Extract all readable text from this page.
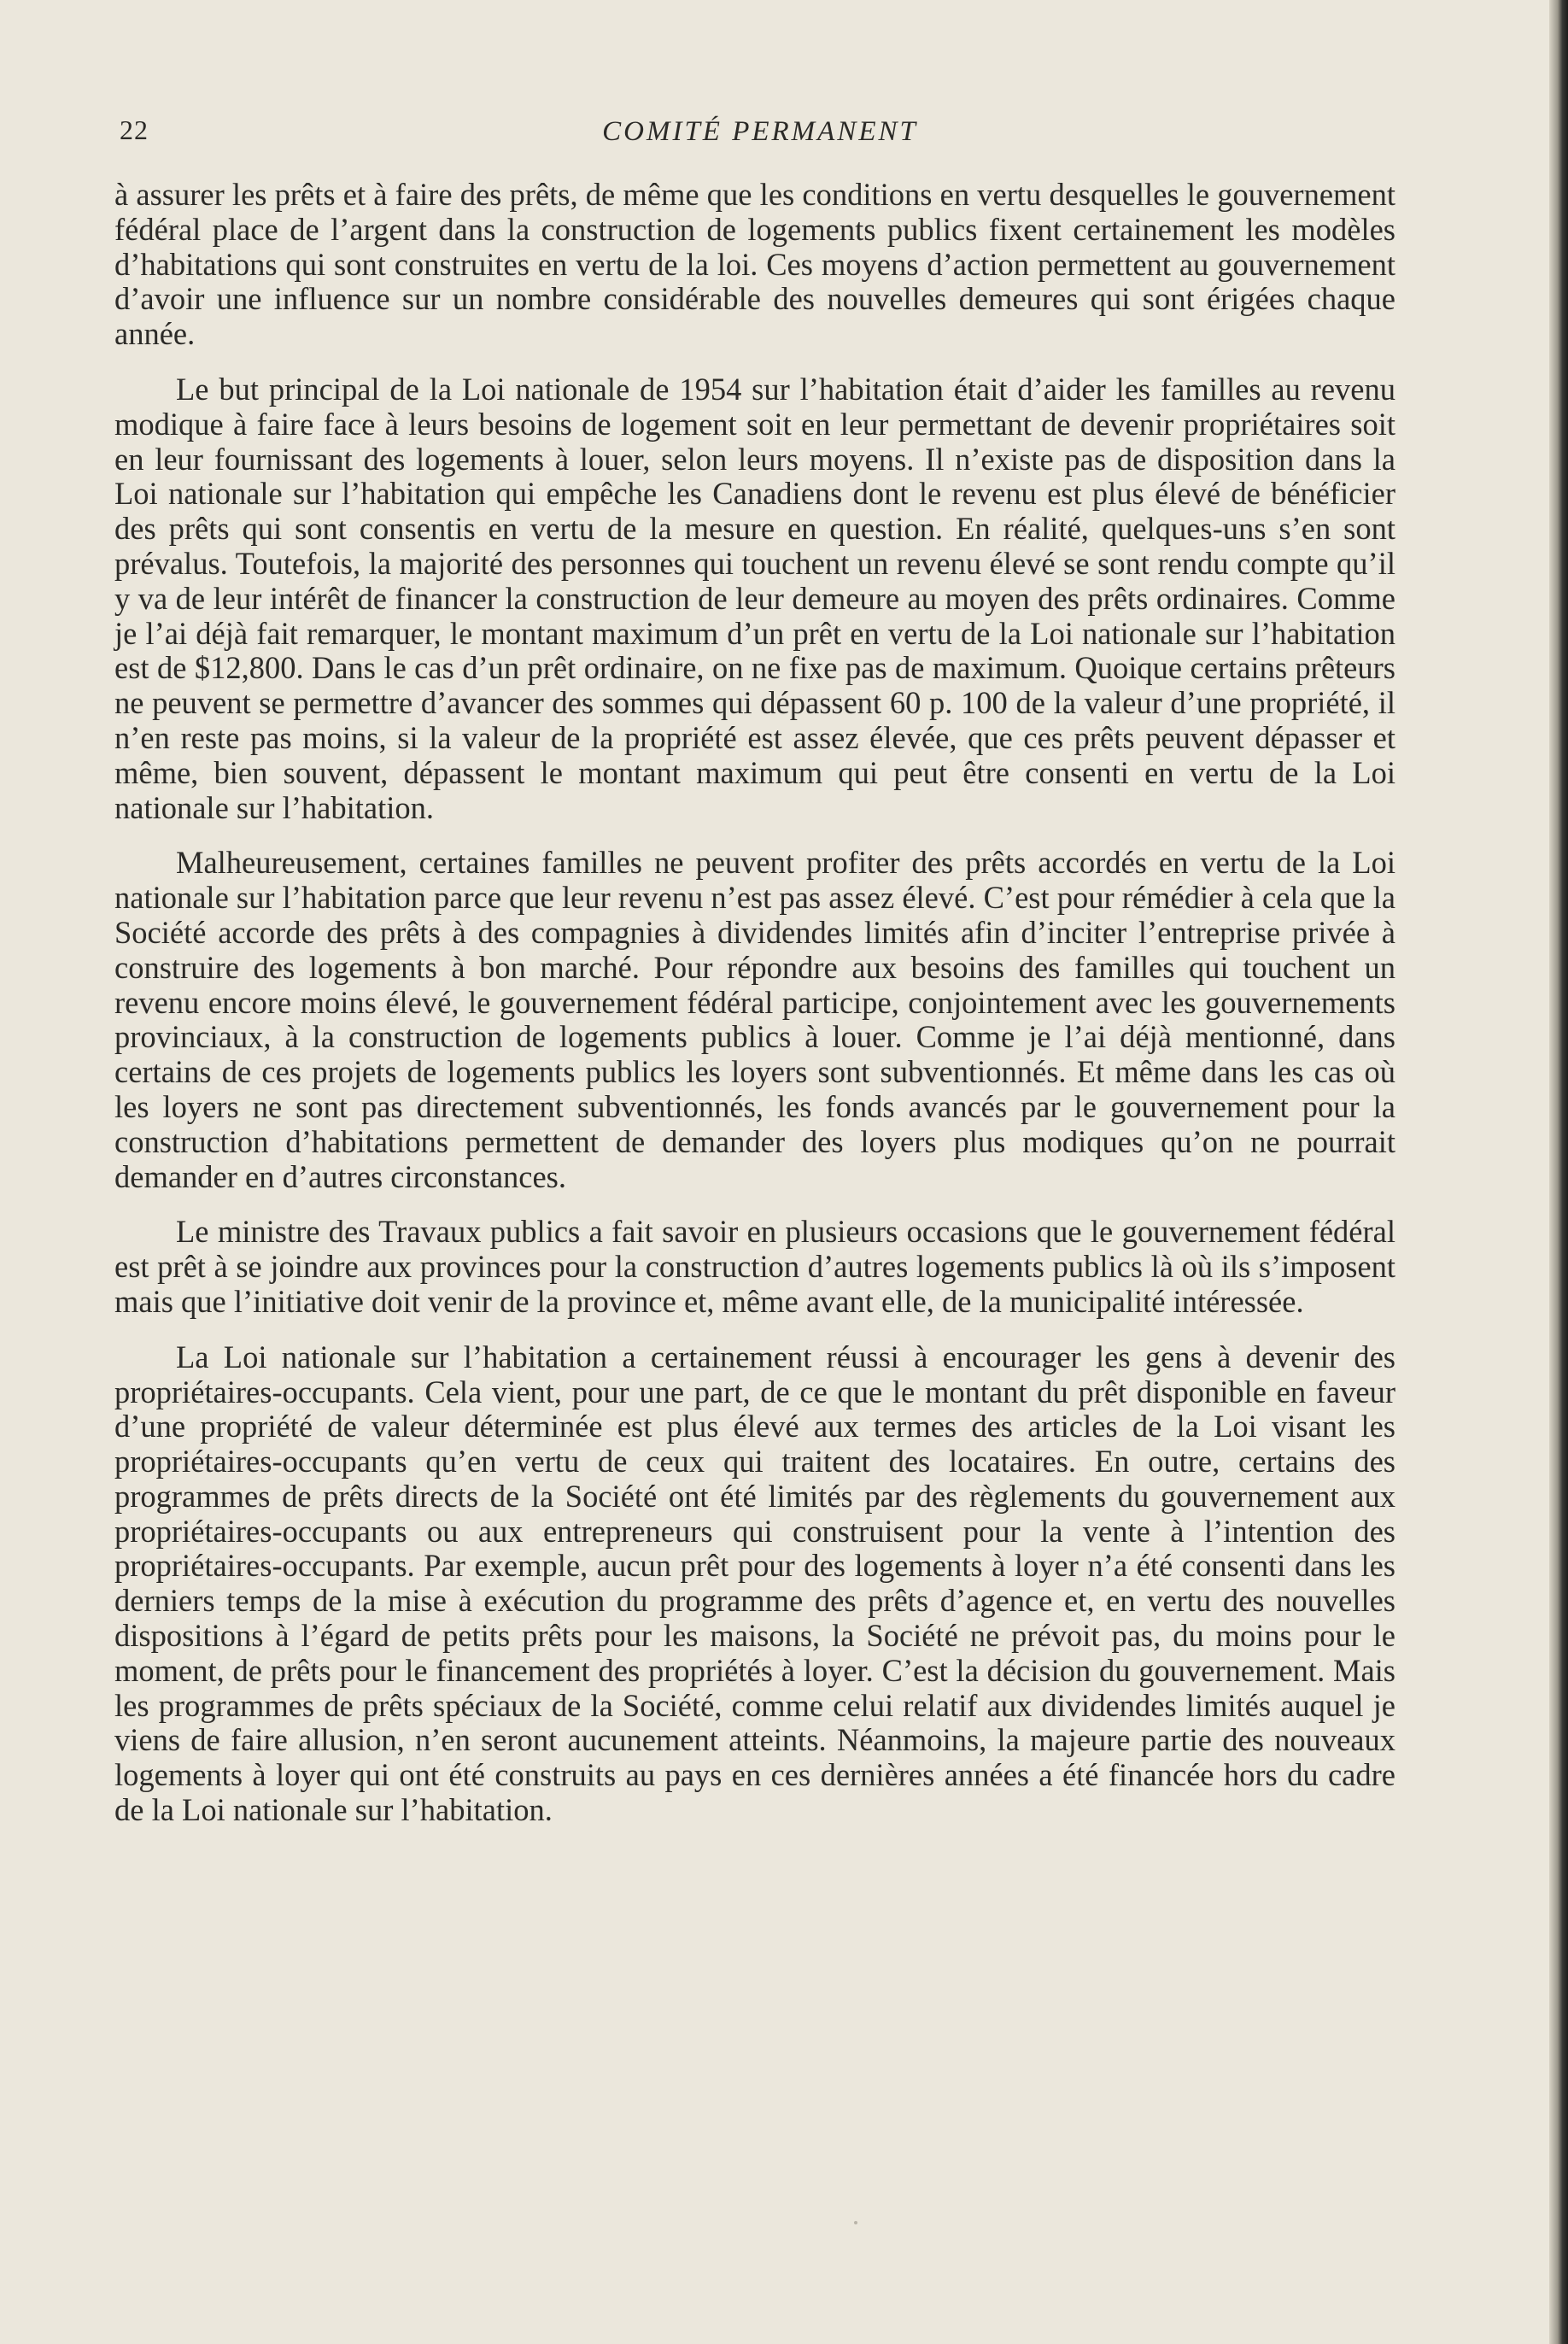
22	COMITÉ PERMANENT

à assurer les prêts et à faire des prêts, de même que les conditions en vertu desquelles le gouvernement fédéral place de l’argent dans la construction de logements publics fixent certainement les modèles d’habitations qui sont construites en vertu de la loi. Ces moyens d’action permettent au gouvernement d’avoir une influence sur un nombre considérable des nouvelles demeures qui sont érigées chaque année.

Le but principal de la Loi nationale de 1954 sur l’habitation était d’aider les familles au revenu modique à faire face à leurs besoins de logement soit en leur permettant de devenir propriétaires soit en leur fournissant des logements à louer, selon leurs moyens. Il n’existe pas de disposition dans la Loi nationale sur l’habitation qui empêche les Canadiens dont le revenu est plus élevé de bénéficier des prêts qui sont consentis en vertu de la mesure en question. En réalité, quelques-uns s’en sont prévalus. Toutefois, la majorité des personnes qui touchent un revenu élevé se sont rendu compte qu’il y va de leur intérêt de financer la construction de leur demeure au moyen des prêts ordinaires. Comme je l’ai déjà fait remarquer, le montant maximum d’un prêt en vertu de la Loi nationale sur l’habitation est de $12,800. Dans le cas d’un prêt ordinaire, on ne fixe pas de maximum. Quoique certains prêteurs ne peuvent se permettre d’avancer des sommes qui dépassent 60 p. 100 de la valeur d’une propriété, il n’en reste pas moins, si la valeur de la propriété est assez élevée, que ces prêts peuvent dépasser et même, bien souvent, dépassent le montant maximum qui peut être consenti en vertu de la Loi nationale sur l’habitation.

Malheureusement, certaines familles ne peuvent profiter des prêts accordés en vertu de la Loi nationale sur l’habitation parce que leur revenu n’est pas assez élevé. C’est pour rémédier à cela que la Société accorde des prêts à des compagnies à dividendes limités afin d’inciter l’entreprise privée à construire des logements à bon marché. Pour répondre aux besoins des familles qui touchent un revenu encore moins élevé, le gouvernement fédéral participe, conjointement avec les gouvernements provinciaux, à la construction de logements publics à louer. Comme je l’ai déjà mentionné, dans certains de ces projets de logements publics les loyers sont subventionnés. Et même dans les cas où les loyers ne sont pas directement subventionnés, les fonds avancés par le gouvernement pour la construction d’habitations permettent de demander des loyers plus modiques qu’on ne pourrait demander en d’autres circonstances.

Le ministre des Travaux publics a fait savoir en plusieurs occasions que le gouvernement fédéral est prêt à se joindre aux provinces pour la construction d’autres logements publics là où ils s’imposent mais que l’initiative doit venir de la province et, même avant elle, de la municipalité intéressée.

La Loi nationale sur l’habitation a certainement réussi à encourager les gens à devenir des propriétaires-occupants. Cela vient, pour une part, de ce que le montant du prêt disponible en faveur d’une propriété de valeur déterminée est plus élevé aux termes des articles de la Loi visant les propriétaires-occupants qu’en vertu de ceux qui traitent des locataires. En outre, certains des programmes de prêts directs de la Société ont été limités par des règlements du gouvernement aux propriétaires-occupants ou aux entrepreneurs qui construisent pour la vente à l’intention des propriétaires-occupants. Par exemple, aucun prêt pour des logements à loyer n’a été consenti dans les derniers temps de la mise à exécution du programme des prêts d’agence et, en vertu des nouvelles dispositions à l’égard de petits prêts pour les maisons, la Société ne prévoit pas, du moins pour le moment, de prêts pour le financement des propriétés à loyer. C’est la décision du gouvernement. Mais les programmes de prêts spéciaux de la Société, comme celui relatif aux dividendes limités auquel je viens de faire allusion, n’en seront aucunement atteints. Néanmoins, la majeure partie des nouveaux logements à loyer qui ont été construits au pays en ces dernières années a été financée hors du cadre de la Loi nationale sur l’habitation.
